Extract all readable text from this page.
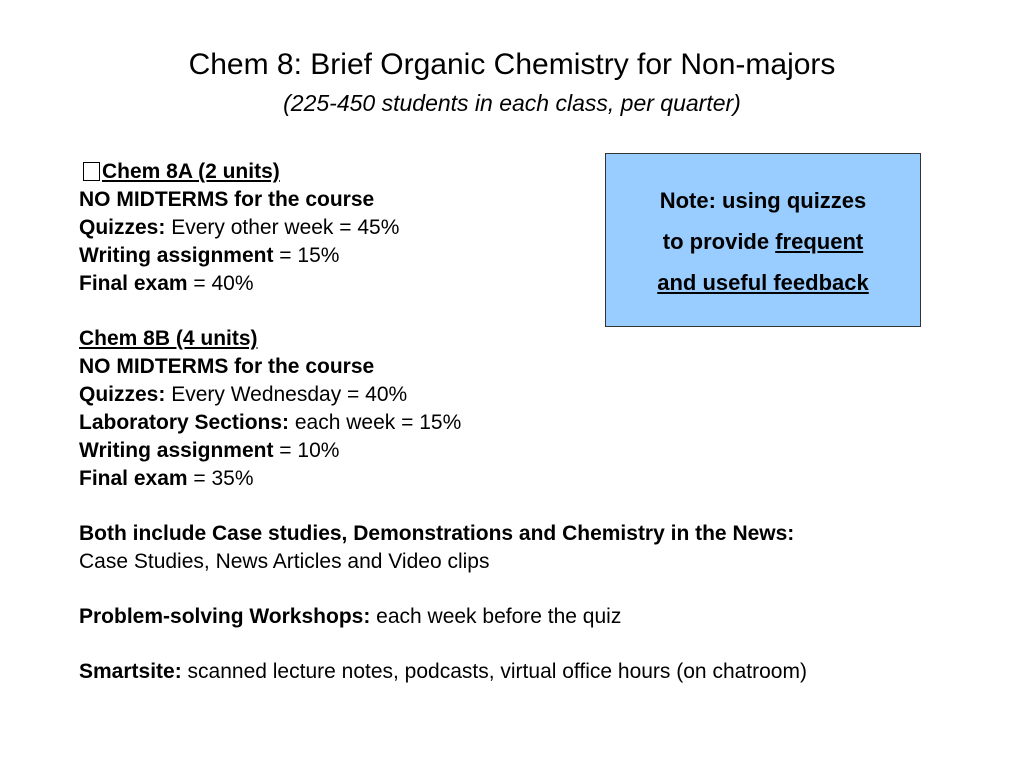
Chem 8: Brief Organic Chemistry for Non-majors
(225-450 students in each class, per quarter)
Chem 8A (2 units)
NO MIDTERMS for the course
Quizzes: Every other week = 45%
Writing assignment = 15%
Final exam = 40%
Chem 8B (4 units)
NO MIDTERMS for the course
Quizzes: Every Wednesday = 40%
Laboratory Sections: each week = 15%
Writing assignment = 10%
Final exam = 35%
Both include Case studies, Demonstrations and Chemistry in the News:
Case Studies, News Articles and Video clips
Problem-solving Workshops: each week before the quiz
Smartsite: scanned lecture notes, podcasts, virtual office hours (on chatroom)
Note: using quizzes
to provide frequent
and useful feedback
